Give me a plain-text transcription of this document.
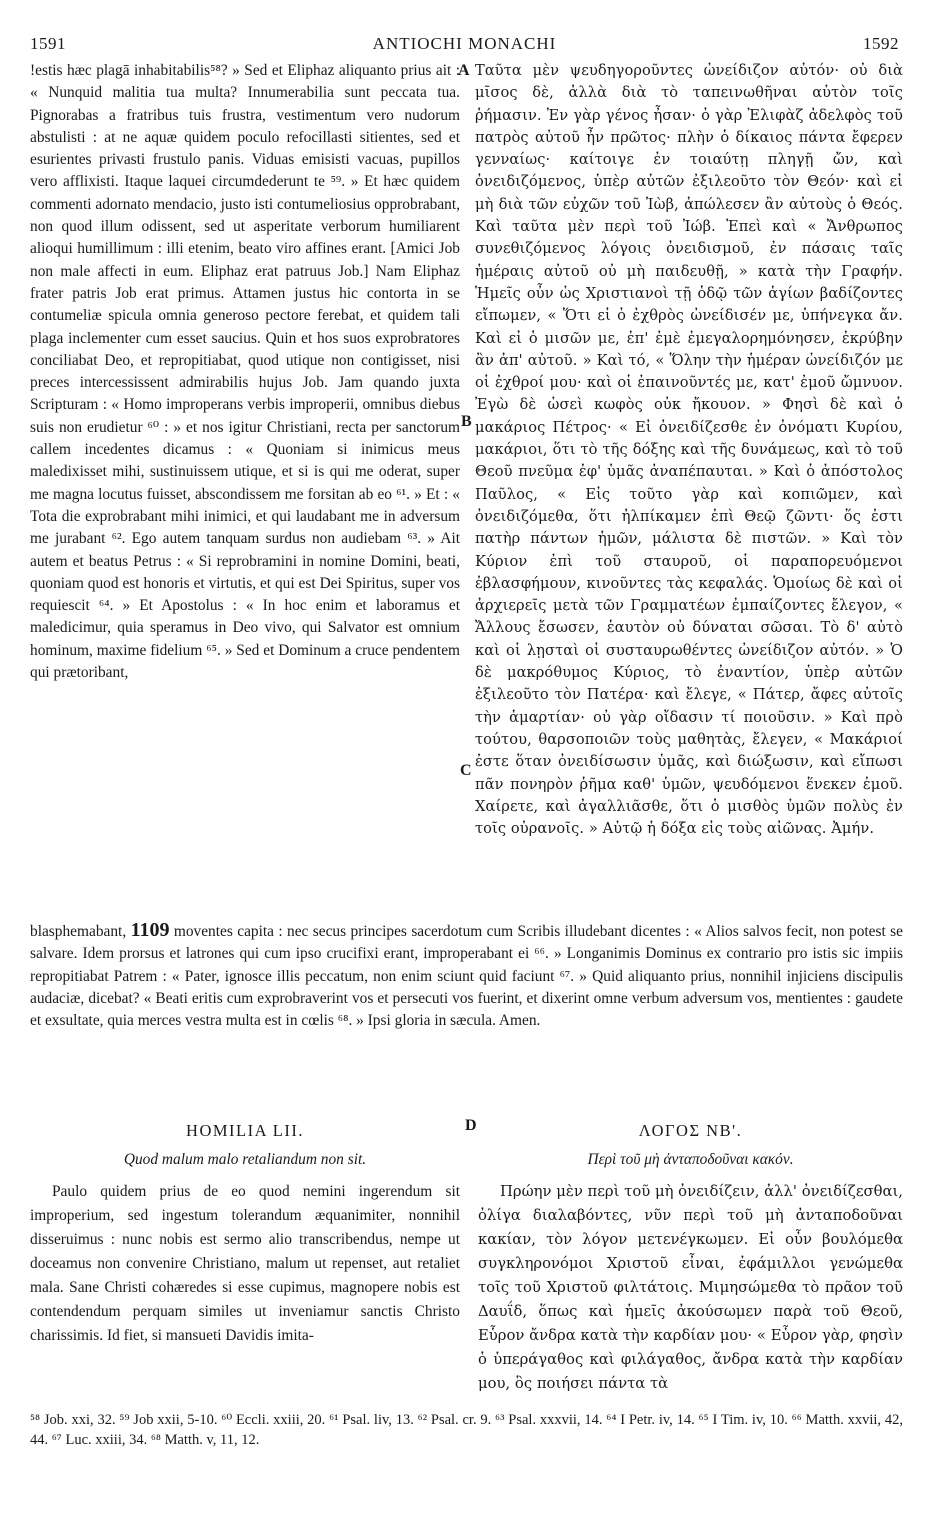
1591	ANTIOCHI MONACHI	1592

!estis hæc plagā inhabitabilis⁵⁸? » Sed et Eliphaz aliquanto prius ait : « Nunquid malitia tua multa? Innumerabilia sunt peccata tua. Pignorabas a fratribus tuis frustra, vestimentum vero nudorum abstulisti : at ne aquæ quidem poculo refocillasti sitientes, sed et esurientes privasti frustulo panis. Viduas emisisti vacuas, pupillos vero afflixisti. Itaque laquei circumdederunt te ⁵⁹. » Et hæc quidem commenti adornato mendacio, justo isti contumeliosius opprobrabant, non quod illum odissent, sed ut asperitate verborum humiliarent alioqui humillimum : illi etenim, beato viro affines erant. [Amici Job non male affecti in eum. Eliphaz erat patruus Job.] Nam Eliphaz frater patris Job erat primus. Attamen justus hic contorta in se contumeliæ spicula omnia generoso pectore ferebat, et quidem tali plaga inclementer cum esset saucius. Quin et hos suos exprobratores conciliabat Deo, et repropitiabat, quod utique non contigisset, nisi preces intercessissent admirabilis hujus Job. Jam quando juxta Scripturam : « Homo improperans verbis improperii, omnibus diebus suis non erudietur ⁶⁰ : » et nos igitur Christiani, recta per sanctorum callem incedentes dicamus : « Quoniam si inimicus meus maledixisset mihi, sustinuissem utique, et si is qui me oderat, super me magna locutus fuisset, abscondissem me forsitan ab eo ⁶¹. » Et : « Tota die exprobrabant mihi inimici, et qui laudabant me in adversum me jurabant ⁶². Ego autem tanquam surdus non audiebam ⁶³. » Ait autem et beatus Petrus : « Si reprobramini in nomine Domini, beati, quoniam quod est honoris et virtutis, et qui est Dei Spiritus, super vos requiescit ⁶⁴. » Et Apostolus : « In hoc enim et laboramus et maledicimur, quia speramus in Deo vivo, qui Salvator est omnium hominum, maxime fidelium ⁶⁵. » Sed et Dominum a cruce pendentem qui prætoribant,

A
B
C
D

Ταῦτα μὲν ψευδηγοροῦντες ὠνείδιζον αὐτόν· οὐ διὰ μῖσος δὲ, ἀλλὰ διὰ τὸ ταπεινωθῆναι αὐτὸν τοῖς ῥήμασιν. Ἐν γὰρ γένος ἦσαν· ὁ γὰρ Ἐλιφὰζ ἀδελφὸς τοῦ πατρὸς αὐτοῦ ἦν πρῶτος· πλὴν ὁ δίκαιος πάντα ἔφερεν γενναίως· καίτοιγε ἐν τοιαύτῃ πληγῇ ὤν, καὶ ὀνειδιζόμενος, ὑπὲρ αὐτῶν ἐξιλεοῦτο τὸν Θεόν· καὶ εἰ μὴ διὰ τῶν εὐχῶν τοῦ Ἰὼβ, ἀπώλεσεν ἂν αὐτοὺς ὁ Θεός. Καὶ ταῦτα μὲν περὶ τοῦ Ἰώβ. Ἐπεὶ καὶ « Ἄνθρωπος συνεθιζόμενος λόγοις ὀνειδισμοῦ, ἐν πάσαις ταῖς ἡμέραις αὐτοῦ οὐ μὴ παιδευθῇ, » κατὰ τὴν Γραφήν. Ἡμεῖς οὖν ὡς Χριστιανοὶ τῇ ὁδῷ τῶν ἁγίων βαδίζοντες εἴπωμεν, « Ὅτι εἰ ὁ ἐχθρὸς ὠνείδισέν με, ὑπήνεγκα ἄν. Καὶ εἰ ὁ μισῶν με, ἐπ' ἐμὲ ἐμεγαλορημόνησεν, ἐκρύβην ἂν ἀπ' αὐτοῦ. » Καὶ τό, « Ὅλην τὴν ἡμέραν ὠνείδιζόν με οἱ ἐχθροί μου· καὶ οἱ ἐπαινοῦντές με, κατ' ἐμοῦ ὤμνυον. Ἐγὼ δὲ ὡσεὶ κωφὸς οὐκ ἤκουον. » Φησὶ δὲ καὶ ὁ μακάριος Πέτρος· « Εἰ ὀνειδίζεσθε ἐν ὀνόματι Κυρίου, μακάριοι, ὅτι τὸ τῆς δόξης καὶ τῆς δυνάμεως, καὶ τὸ τοῦ Θεοῦ πνεῦμα ἐφ' ὑμᾶς ἀναπέπαυται. » Καὶ ὁ ἀπόστολος Παῦλος, « Εἰς τοῦτο γὰρ καὶ κοπιῶμεν, καὶ ὀνειδιζόμεθα, ὅτι ἠλπίκαμεν ἐπὶ Θεῷ ζῶντι· ὅς ἐστι πατὴρ πάντων ἡμῶν, μάλιστα δὲ πιστῶν. » Καὶ τὸν Κύριον ἐπὶ τοῦ σταυροῦ, οἱ παραπορευόμενοι ἐβλασφήμουν, κινοῦντες τὰς κεφαλάς. Ὁμοίως δὲ καὶ οἱ ἀρχιερεῖς μετὰ τῶν Γραμματέων ἐμπαίζοντες ἔλεγον, « Ἄλλους ἔσωσεν, ἑαυτὸν οὐ δύναται σῶσαι. Τὸ δ' αὐτὸ καὶ οἱ λῃσταὶ οἱ συσταυρωθέντες ὠνείδιζον αὐτόν. » Ὁ δὲ μακρόθυμος Κύριος, τὸ ἐναντίον, ὑπὲρ αὐτῶν ἐξιλεοῦτο τὸν Πατέρα· καὶ ἔλεγε, « Πάτερ, ἄφες αὐτοῖς τὴν ἁμαρτίαν· οὐ γὰρ οἴδασιν τί ποιοῦσιν. » Καὶ πρὸ τούτου, θαρσοποιῶν τοὺς μαθητὰς, ἔλεγεν, « Μακάριοί ἐστε ὅταν ὀνειδίσωσιν ὑμᾶς, καὶ διώξωσιν, καὶ εἴπωσι πᾶν πονηρὸν ῥῆμα καθ' ὑμῶν, ψευδόμενοι ἕνεκεν ἐμοῦ. Χαίρετε, καὶ ἀγαλλιᾶσθε, ὅτι ὁ μισθὸς ὑμῶν πολὺς ἐν τοῖς οὐρανοῖς. » Αὐτῷ ἡ δόξα εἰς τοὺς αἰῶνας. Ἀμήν.

blasphemabant, 1109 moventes capita : nec secus principes sacerdotum cum Scribis illudebant dicentes : « Alios salvos fecit, non potest se salvare. Idem prorsus et latrones qui cum ipso crucifixi erant, improperabant ei ⁶⁶. » Longanimis Dominus ex contrario pro istis sic impiis repropitiabat Patrem : « Pater, ignosce illis peccatum, non enim sciunt quid faciunt ⁶⁷. » Quid aliquanto prius, nonnihil injiciens discipulis audaciæ, dicebat? « Beati eritis cum exprobraverint vos et persecuti vos fuerint, et dixerint omne verbum adversum vos, mentientes : gaudete et exsultate, quia merces vestra multa est in cœlis ⁶⁸. » Ipsi gloria in sæcula. Amen.

HOMILIA LII.
Quod malum malo retaliandum non sit.

Paulo quidem prius de eo quod nemini ingerendum sit improperium, sed ingestum tolerandum æquanimiter, nonnihil disseruimus : nunc nobis est sermo alio transcribendus, nempe ut doceamus non convenire Christiano, malum ut repenset, aut retaliet mala. Sane Christi cohæredes si esse cupimus, magnopere nobis est contendendum perquam similes ut inveniamur sanctis Christo charissimis. Id fiet, si mansueti Davidis imita-

ΛΟΓΟΣ ΝΒ'.
Περὶ τοῦ μὴ ἀνταποδοῦναι κακόν.

Πρώην μὲν περὶ τοῦ μὴ ὀνειδίζειν, ἀλλ' ὀνειδίζεσθαι, ὀλίγα διαλαβόντες, νῦν περὶ τοῦ μὴ ἀνταποδοῦναι κακίαν, τὸν λόγον μετενέγκωμεν. Εἰ οὖν βουλόμεθα συγκληρονόμοι Χριστοῦ εἶναι, ἐφάμιλλοι γενώμεθα τοῖς τοῦ Χριστοῦ φιλτάτοις. Μιμησώμεθα τὸ πρᾶον τοῦ Δαυΐδ, ὅπως καὶ ἡμεῖς ἀκούσωμεν παρὰ τοῦ Θεοῦ, Εὗρον ἄνδρα κατὰ τὴν καρδίαν μου· « Εὗρον γὰρ, φησὶν ὁ ὑπεράγαθος καὶ φιλάγαθος, ἄνδρα κατὰ τὴν καρδίαν μου, ὃς ποιήσει πάντα τὰ

⁵⁸ Job. xxi, 32. ⁵⁹ Job xxii, 5-10. ⁶⁰ Eccli. xxiii, 20. ⁶¹ Psal. liv, 13. ⁶² Psal. cr. 9. ⁶³ Psal. xxxvii, 14. ⁶⁴ I Petr. iv, 14. ⁶⁵ I Tim. iv, 10. ⁶⁶ Matth. xxvii, 42, 44. ⁶⁷ Luc. xxiii, 34. ⁶⁸ Matth. v, 11, 12.
